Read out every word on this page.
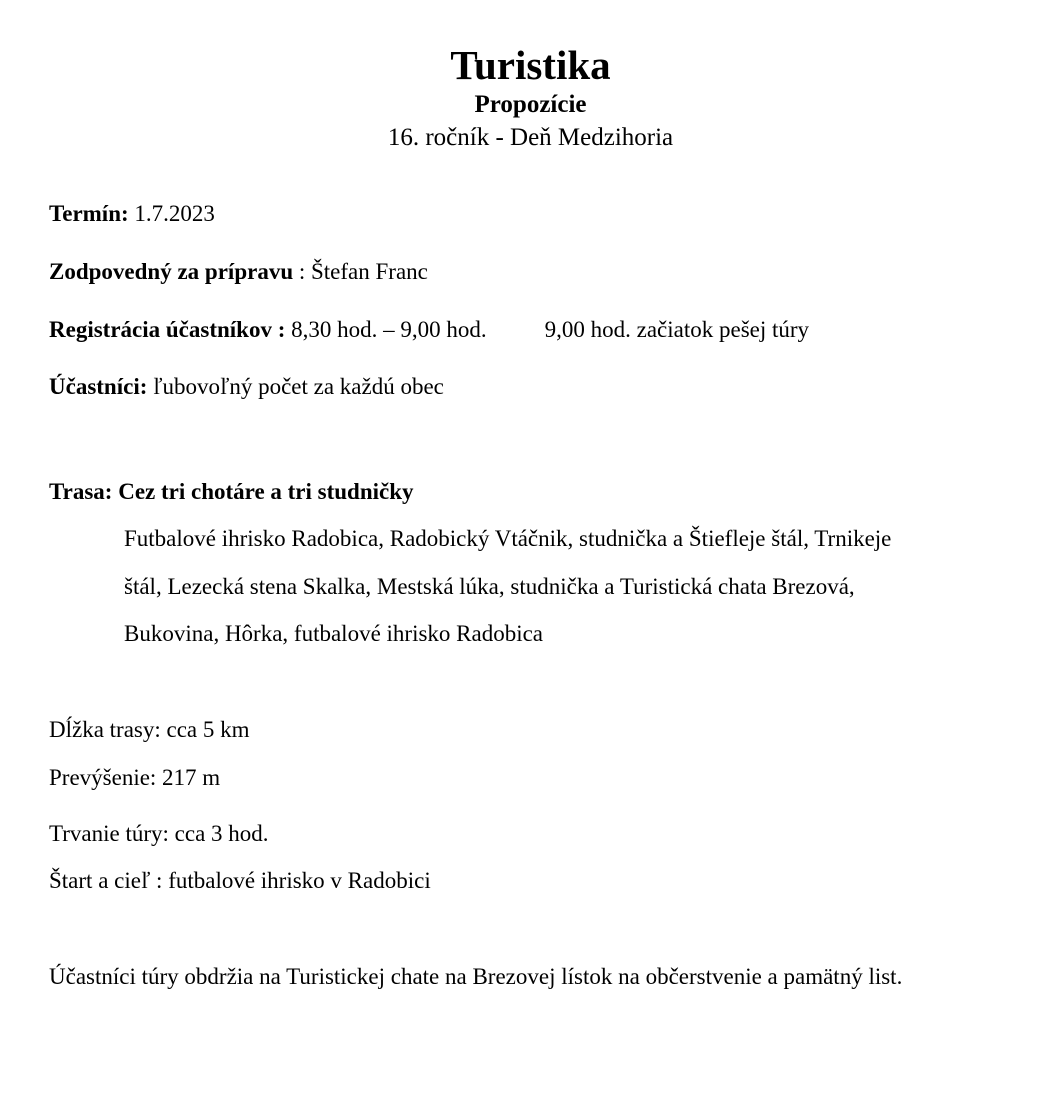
Turistika
Propozície
16. ročník - Deň Medzihoria
Termín: 1.7.2023
Zodpovedný za prípravu : Štefan Franc
Registrácia účastníkov : 8,30 hod. – 9,00 hod.	9,00 hod. začiatok pešej túry
Účastníci: ľubovoľný počet za každú obec
Trasa: Cez tri chotáre a tri studničky
Futbalové ihrisko Radobica, Radobický Vtáčnik, studnička a Štiefleje štál, Trnikeje
štál, Lezecká stena Skalka, Mestská lúka, studnička a Turistická chata Brezová,
Bukovina, Hôrka, futbalové ihrisko Radobica
Dĺžka trasy: cca 5 km
Prevýšenie: 217 m
Trvanie túry: cca 3 hod.
Štart a cieľ : futbalové ihrisko v Radobici
Účastníci túry obdržia na Turistickej chate na Brezovej lístok na občerstvenie a pamätný list.
